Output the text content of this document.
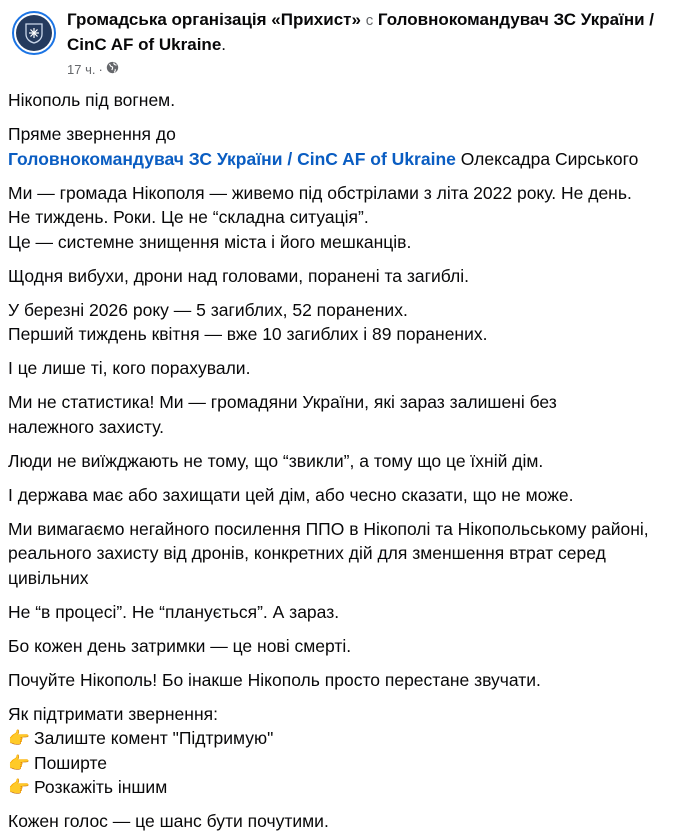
Громадська організація «Прихист» с Головнокомандувач ЗС України / CinC AF of Ukraine.
17 ч. ·

Нікополь під вогнем.

Пряме звернення до
Головнокомандувач ЗС України / CinC AF of Ukraine Олексадра Сирського

Ми — громада Нікополя — живемо під обстрілами з літа 2022 року. Не день.
Не тиждень. Роки. Це не “складна ситуація”.
Це — системне знищення міста і його мешканців.

Щодня вибухи, дрони над головами, поранені та загиблі.

У березні 2026 року — 5 загиблих, 52 поранених.
Перший тиждень квітня — вже 10 загиблих і 89 поранених.

І це лише ті, кого порахували.

Ми не статистика! Ми — громадяни України, які зараз залишені без належного захисту.

Люди не виїжджають не тому, що “звикли”, а тому що це їхній дім.

І держава має або захищати цей дім, або чесно сказати, що не може.

Ми вимагаємо негайного посилення ППО в Нікополі та Нікопольському районі, реального захисту від дронів, конкретних дій для зменшення втрат серед цивільних

Не “в процесі”. Не “планується”. А зараз.

Бо кожен день затримки — це нові смерті.

Почуйте Нікополь! Бо інакше Нікополь просто перестане звучати.

Як підтримати звернення:
👉 Залиште комент "Підтримую"
👉 Поширте
👉 Розкажіть іншим

Кожен голос — це шанс бути почутими.
